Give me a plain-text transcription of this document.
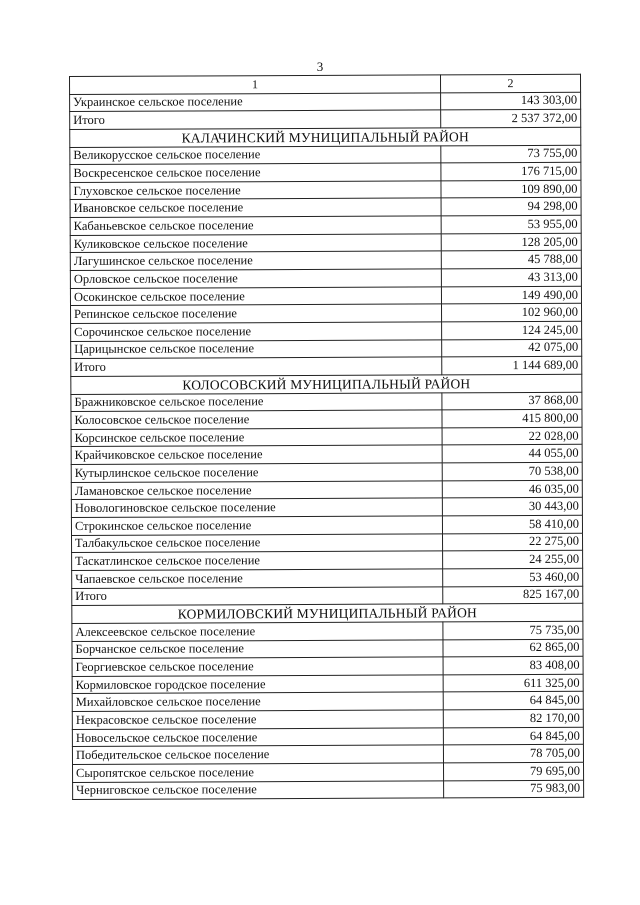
3
1	2
Украинское сельское поселение	143 303,00
Итого	2 537 372,00
КАЛАЧИНСКИЙ МУНИЦИПАЛЬНЫЙ РАЙОН	
Великорусское сельское поселение	73 755,00
Воскресенское сельское поселение	176 715,00
Глуховское сельское поселение	109 890,00
Ивановское сельское поселение	94 298,00
Кабаньевское сельское поселение	53 955,00
Куликовское сельское поселение	128 205,00
Лагушинское сельское поселение	45 788,00
Орловское сельское поселение	43 313,00
Осокинское сельское поселение	149 490,00
Репинское сельское поселение	102 960,00
Сорочинское сельское поселение	124 245,00
Царицынское сельское поселение	42 075,00
Итого	1 144 689,00
КОЛОСОВСКИЙ МУНИЦИПАЛЬНЫЙ РАЙОН	
Бражниковское сельское поселение	37 868,00
Колосовское сельское поселение	415 800,00
Корсинское сельское поселение	22 028,00
Крайчиковское сельское поселение	44 055,00
Кутырлинское сельское поселение	70 538,00
Ламановское сельское поселение	46 035,00
Новологиновское сельское поселение	30 443,00
Строкинское сельское поселение	58 410,00
Талбакульское сельское поселение	22 275,00
Таскатлинское сельское поселение	24 255,00
Чапаевское сельское поселение	53 460,00
Итого	825 167,00
КОРМИЛОВСКИЙ МУНИЦИПАЛЬНЫЙ РАЙОН	
Алексеевское сельское поселение	75 735,00
Борчанское сельское поселение	62 865,00
Георгиевское сельское поселение	83 408,00
Кормиловское городское поселение	611 325,00
Михайловское сельское поселение	64 845,00
Некрасовское сельское поселение	82 170,00
Новосельское сельское поселение	64 845,00
Победительское сельское поселение	78 705,00
Сыропятское сельское поселение	79 695,00
Черниговское сельское поселение	75 983,00
